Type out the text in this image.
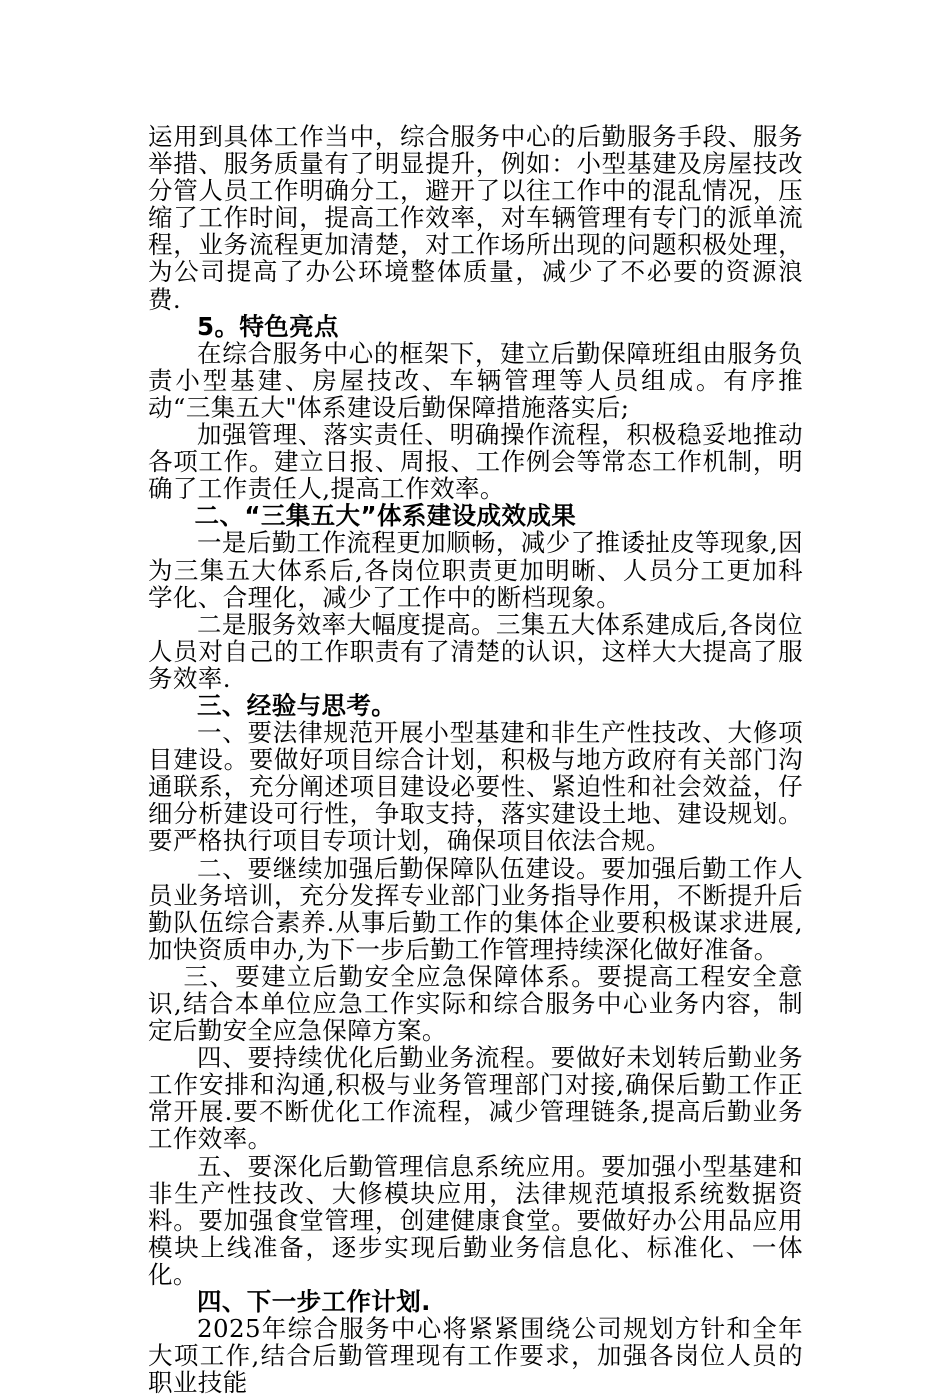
运用到具体工作当中，综合服务中心的后勤服务手段、服务举措、服务质量有了明显提升，例如：小型基建及房屋技改分管人员工作明确分工，避开了以往工作中的混乱情况，压缩了工作时间，提高工作效率，对车辆管理有专门的派单流程，业务流程更加清楚，对工作场所出现的问题积极处理，为公司提高了办公环境整体质量，减少了不必要的资源浪费.

5。特色亮点

在综合服务中心的框架下，建立后勤保障班组由服务负责小型基建、房屋技改、车辆管理等人员组成。有序推动“三集五大"体系建设后勤保障措施落实后;

加强管理、落实责任、明确操作流程，积极稳妥地推动各项工作。建立日报、周报、工作例会等常态工作机制，明确了工作责任人,提高工作效率。

二、“三集五大”体系建设成效成果

一是后勤工作流程更加顺畅，减少了推诿扯皮等现象,因为三集五大体系后,各岗位职责更加明晰、人员分工更加科学化、合理化，减少了工作中的断档现象。

二是服务效率大幅度提高。三集五大体系建成后,各岗位人员对自己的工作职责有了清楚的认识，这样大大提高了服务效率.

三、经验与思考。

一、要法律规范开展小型基建和非生产性技改、大修项目建设。要做好项目综合计划，积极与地方政府有关部门沟通联系，充分阐述项目建设必要性、紧迫性和社会效益，仔细分析建设可行性，争取支持，落实建设土地、建设规划。要严格执行项目专项计划，确保项目依法合规。

二、要继续加强后勤保障队伍建设。要加强后勤工作人员业务培训，充分发挥专业部门业务指导作用，不断提升后勤队伍综合素养.从事后勤工作的集体企业要积极谋求进展,加快资质申办,为下一步后勤工作管理持续深化做好准备。

三、要建立后勤安全应急保障体系。要提高工程安全意识,结合本单位应急工作实际和综合服务中心业务内容，制定后勤安全应急保障方案。

四、要持续优化后勤业务流程。要做好未划转后勤业务工作安排和沟通,积极与业务管理部门对接,确保后勤工作正常开展.要不断优化工作流程，减少管理链条,提高后勤业务工作效率。

五、要深化后勤管理信息系统应用。要加强小型基建和非生产性技改、大修模块应用，法律规范填报系统数据资料。要加强食堂管理，创建健康食堂。要做好办公用品应用模块上线准备，逐步实现后勤业务信息化、标准化、一体化。

四、下一步工作计划.

2025年综合服务中心将紧紧围绕公司规划方针和全年大项工作,结合后勤管理现有工作要求，加强各岗位人员的职业技能
